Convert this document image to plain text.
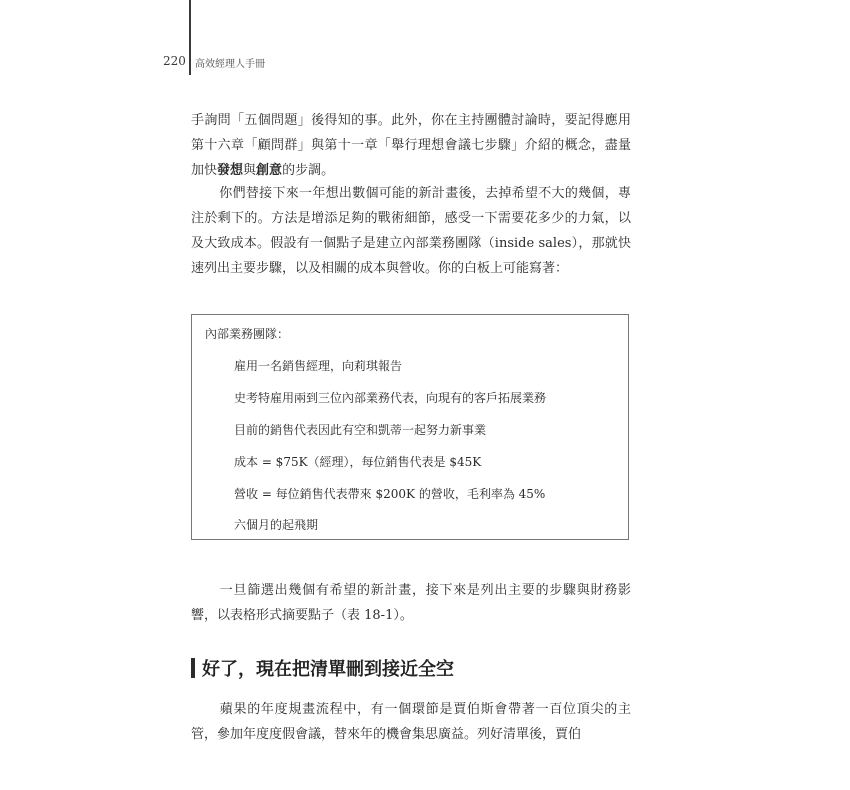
220 高效經理人手冊

手詢問「五個問題」後得知的事。此外，你在主持團體討論時，要記得應用第十六章「顧問群」與第十一章「舉行理想會議七步驟」介紹的概念，盡量加快發想與創意的步調。

你們替接下來一年想出數個可能的新計畫後，去掉希望不大的幾個，專注於剩下的。方法是增添足夠的戰術細節，感受一下需要花多少的力氣，以及大致成本。假設有一個點子是建立內部業務團隊（inside sales），那就快速列出主要步驟，以及相關的成本與營收。你的白板上可能寫著：

內部業務團隊：
雇用一名銷售經理，向莉琪報告
史考特雇用兩到三位內部業務代表，向現有的客戶拓展業務
目前的銷售代表因此有空和凱蒂一起努力新事業
成本 = $75K（經理），每位銷售代表是 $45K
營收 = 每位銷售代表帶來 $200K 的營收，毛利率為 45%
六個月的起飛期

一旦篩選出幾個有希望的新計畫，接下來是列出主要的步驟與財務影響，以表格形式摘要點子（表 18-1）。

好了，現在把清單刪到接近全空

蘋果的年度規畫流程中，有一個環節是賈伯斯會帶著一百位頂尖的主管，參加年度度假會議，替來年的機會集思廣益。列好清單後，賈伯
